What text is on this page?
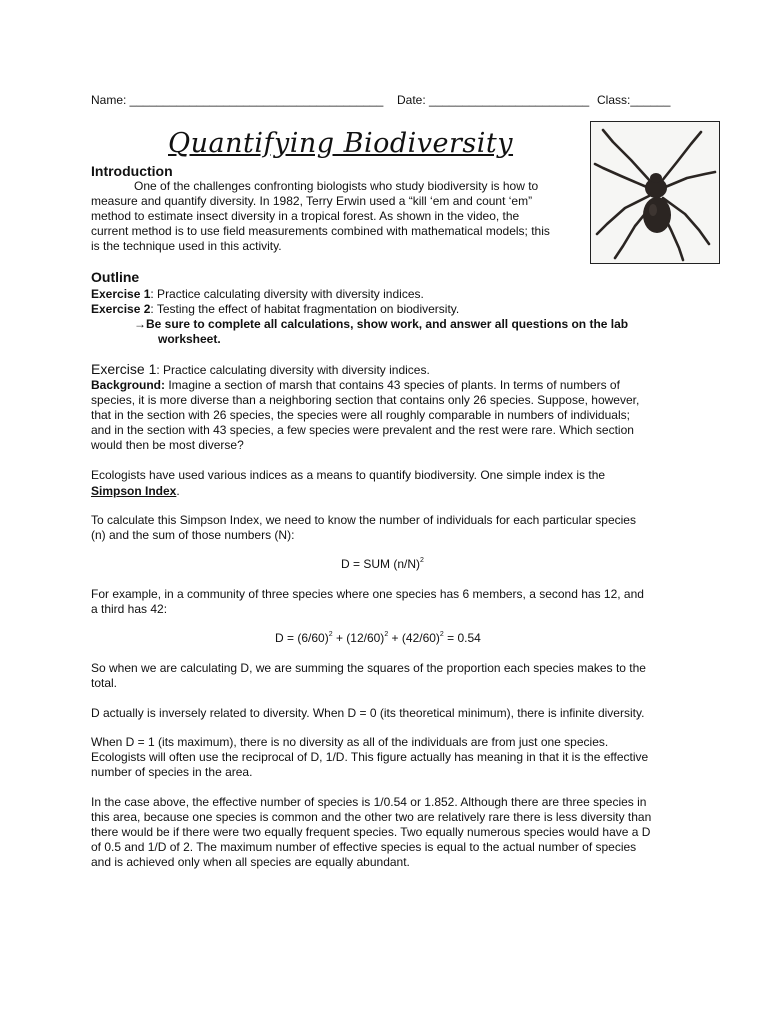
Name: ______________________________________ Date: ________________________ Class:______
Quantifying Biodiversity
Introduction
One of the challenges confronting biologists who study biodiversity is how to
measure and quantify diversity. In 1982, Terry Erwin used a “kill ‘em and count ‘em”
method to estimate insect diversity in a tropical forest. As shown in the video, the
current method is to use field measurements combined with mathematical models; this
is the technique used in this activity.
Outline
Exercise 1: Practice calculating diversity with diversity indices.
Exercise 2: Testing the effect of habitat fragmentation on biodiversity.
→Be sure to complete all calculations, show work, and answer all questions on the lab
worksheet.
Exercise 1: Practice calculating diversity with diversity indices.
Background: Imagine a section of marsh that contains 43 species of plants. In terms of numbers of
species, it is more diverse than a neighboring section that contains only 26 species. Suppose, however,
that in the section with 26 species, the species were all roughly comparable in numbers of individuals;
and in the section with 43 species, a few species were prevalent and the rest were rare. Which section
would then be most diverse?
Ecologists have used various indices as a means to quantify biodiversity. One simple index is the
Simpson Index.
To calculate this Simpson Index, we need to know the number of individuals for each particular species
(n) and the sum of those numbers (N):
D = SUM $(n/N)^2$
For example, in a community of three species where one species has 6 members, a second has 12, and
a third has 42:
$D = (6/60)^2 + (12/60)^2 + (42/60)^2 = 0.54$
So when we are calculating D, we are summing the squares of the proportion each species makes to the
total.
D actually is inversely related to diversity. When D = 0 (its theoretical minimum), there is infinite diversity.
When D = 1 (its maximum), there is no diversity as all of the individuals are from just one species.
Ecologists will often use the reciprocal of D, 1/D. This figure actually has meaning in that it is the effective
number of species in the area.
In the case above, the effective number of species is 1/0.54 or 1.852. Although there are three species in
this area, because one species is common and the other two are relatively rare there is less diversity than
there would be if there were two equally frequent species. Two equally numerous species would have a D
of 0.5 and 1/D of 2. The maximum number of effective species is equal to the actual number of species
and is achieved only when all species are equally abundant.
